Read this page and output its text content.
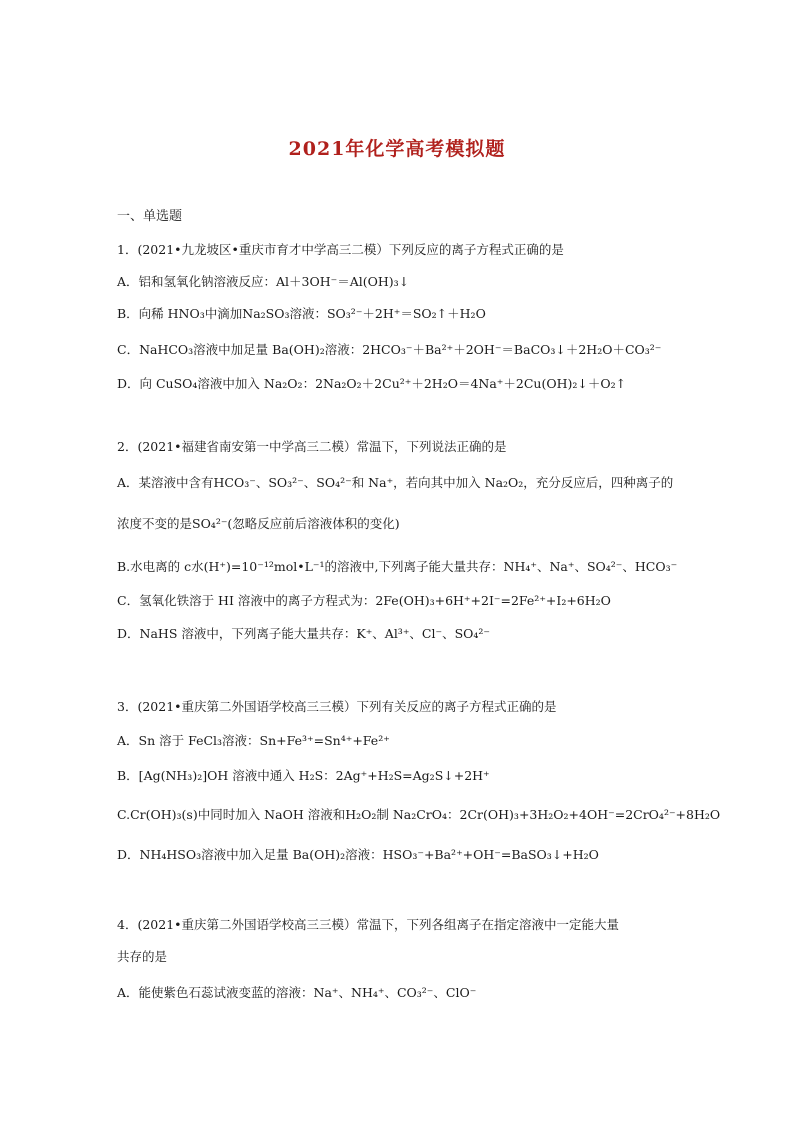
2021年化学高考模拟题
一、单选题
1．(2021•九龙坡区•重庆市育才中学高三二模）下列反应的离子方程式正确的是
A．铝和氢氧化钠溶液反应：Al＋3OH⁻＝Al(OH)₃↓
B．向稀 HNO₃中滴加Na₂SO₃溶液：SO₃²⁻＋2H⁺＝SO₂↑＋H₂O
C．NaHCO₃溶液中加足量 Ba(OH)₂溶液：2HCO₃⁻＋Ba²⁺＋2OH⁻＝BaCO₃↓＋2H₂O＋CO₃²⁻
D．向 CuSO₄溶液中加入 Na₂O₂：2Na₂O₂＋2Cu²⁺＋2H₂O＝4Na⁺＋2Cu(OH)₂↓＋O₂↑
2．(2021•福建省南安第一中学高三二模）常温下，下列说法正确的是
A．某溶液中含有HCO₃⁻、SO₃²⁻、SO₄²⁻和 Na⁺，若向其中加入 Na₂O₂，充分反应后，四种离子的
浓度不变的是SO₄²⁻(忽略反应前后溶液体积的变化)
B.水电离的 c水(H⁺)=10⁻¹²mol•L⁻¹的溶液中,下列离子能大量共存：NH₄⁺、Na⁺、SO₄²⁻、HCO₃⁻
C．氢氧化铁溶于 HI 溶液中的离子方程式为：2Fe(OH)₃+6H⁺+2I⁻=2Fe²⁺+I₂+6H₂O
D．NaHS 溶液中，下列离子能大量共存：K⁺、Al³⁺、Cl⁻、SO₄²⁻
3．(2021•重庆第二外国语学校高三三模）下列有关反应的离子方程式正确的是
A．Sn 溶于 FeCl₃溶液：Sn+Fe³⁺=Sn⁴⁺+Fe²⁺
B．[Ag(NH₃)₂]OH 溶液中通入 H₂S：2Ag⁺+H₂S=Ag₂S↓+2H⁺
C.Cr(OH)₃(s)中同时加入 NaOH 溶液和H₂O₂制 Na₂CrO₄：2Cr(OH)₃+3H₂O₂+4OH⁻=2CrO₄²⁻+8H₂O
D．NH₄HSO₃溶液中加入足量 Ba(OH)₂溶液：HSO₃⁻+Ba²⁺+OH⁻=BaSO₃↓+H₂O
4．(2021•重庆第二外国语学校高三三模）常温下，下列各组离子在指定溶液中一定能大量
共存的是
A．能使紫色石蕊试液变蓝的溶液：Na⁺、NH₄⁺、CO₃²⁻、ClO⁻
